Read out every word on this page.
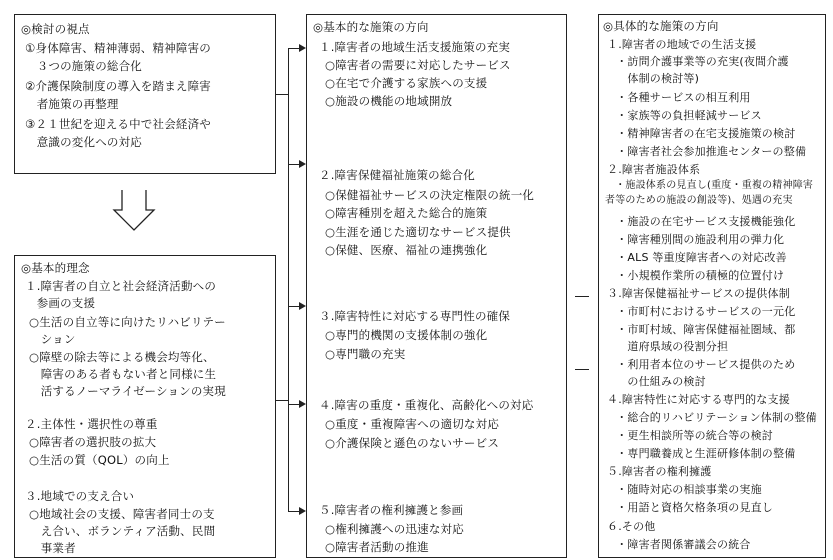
◎検討の視点
①身体障害、精神薄弱、精神障害の
　３つの施策の総合化
②介護保険制度の導入を踏まえ障害
　者施策の再整理
③２１世紀を迎える中で社会経済や
　意識の変化への対応
◎基本的理念
１.障害者の自立と社会経済活動への
　参画の支援
○生活の自立等に向けたリハビリテー
　ション
○障壁の除去等による機会均等化、
　障害のある者もない者と同様に生
　活するノーマライゼーションの実現
２.主体性・選択性の尊重
○障害者の選択肢の拡大
○生活の質（QOL）の向上
３.地域での支え合い
○地域社会の支援、障害者同士の支
　え合い、ボランティア活動、民間
　事業者
◎基本的な施策の方向
１.障害者の地域生活支援施策の充実
○障害者の需要に対応したサービス
○在宅で介護する家族への支援
○施設の機能の地域開放
２.障害保健福祉施策の総合化
○保健福祉サービスの決定権限の統一化
○障害種別を超えた総合的施策
○生涯を通じた適切なサービス提供
○保健、医療、福祉の連携強化
３.障害特性に対応する専門性の確保
○専門的機関の支援体制の強化
○専門職の充実
４.障害の重度・重複化、高齢化への対応
○重度・重複障害への適切な対応
○介護保険と遜色のないサービス
５.障害者の権利擁護と参画
○権利擁護への迅速な対応
○障害者活動の推進
◎具体的な施策の方向
１.障害者の地域での生活支援
　・訪問介護事業等の充実(夜間介護
　　体制の検討等)
　・各種サービスの相互利用
　・家族等の負担軽減サービス
　・精神障害者の在宅支援施策の検討
　・障害者社会参加推進センターの整備
２.障害者施設体系
　・施設体系の見直し(重度・重複の精神障害者等のための施設の創設等)、処遇の充実
　・施設の在宅サービス支援機能強化
　・障害種別間の施設利用の弾力化
　・ALS 等重度障害者への対応改善
　・小規模作業所の積極的位置付け
３.障害保健福祉サービスの提供体制
　・市町村におけるサービスの一元化
　・市町村域、障害保健福祉圏域、都
　　道府県域の役割分担
　・利用者本位のサービス提供のため
　　の仕組みの検討
４.障害特性に対応する専門的な支援
　・総合的リハビリテーション体制の整備
　・更生相談所等の統合等の検討
　・専門職養成と生涯研修体制の整備
５.障害者の権利擁護
　・随時対応の相談事業の実施
　・用語と資格欠格条項の見直し
６.その他
　・障害者関係審議会の統合
